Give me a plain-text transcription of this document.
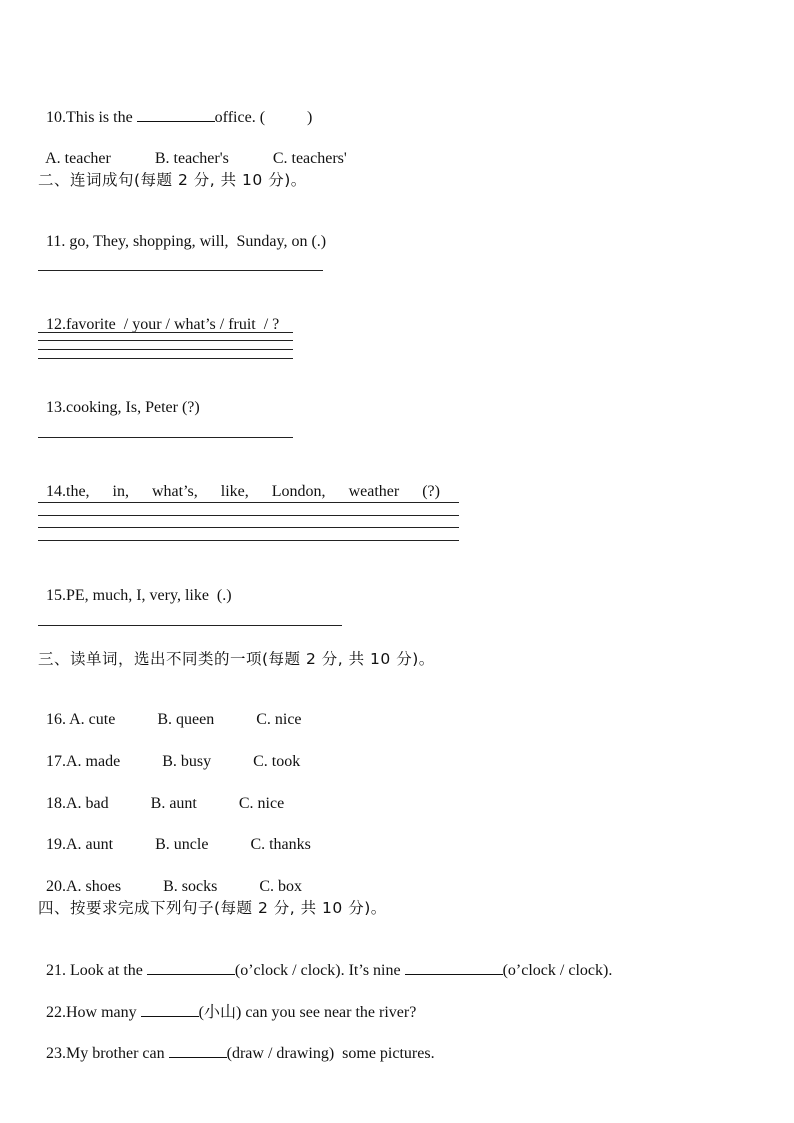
10.This is the	office. (	)

A. teacher	B. teacher's	C. teachers'

二、连词成句(每题 2 分, 共 10 分)。

11. go, They, shopping, will,  Sunday, on (.)

12.favorite  / your / what’s / fruit  / ?

13.cooking, Is, Peter (?)

14.the, in, what’s, like, London, weather (?)

15.PE, much, I, very, like  (.)

三、读单词，选出不同类的一项(每题 2 分, 共 10 分)。

16. A. cute	B. queen	C. nice

17.A. made	B. busy	C. took

18.A. bad	B. aunt	C. nice

19.A. aunt	B. uncle	C. thanks

20.A. shoes	B. socks	C. box

四、按要求完成下列句子(每题 2 分, 共 10 分)。

21. Look at the	(o’clock / clock). It’s nine	(o’clock / clock).

22.How many	(小山) can you see near the river?

23.My brother can	(draw / drawing)  some pictures.
